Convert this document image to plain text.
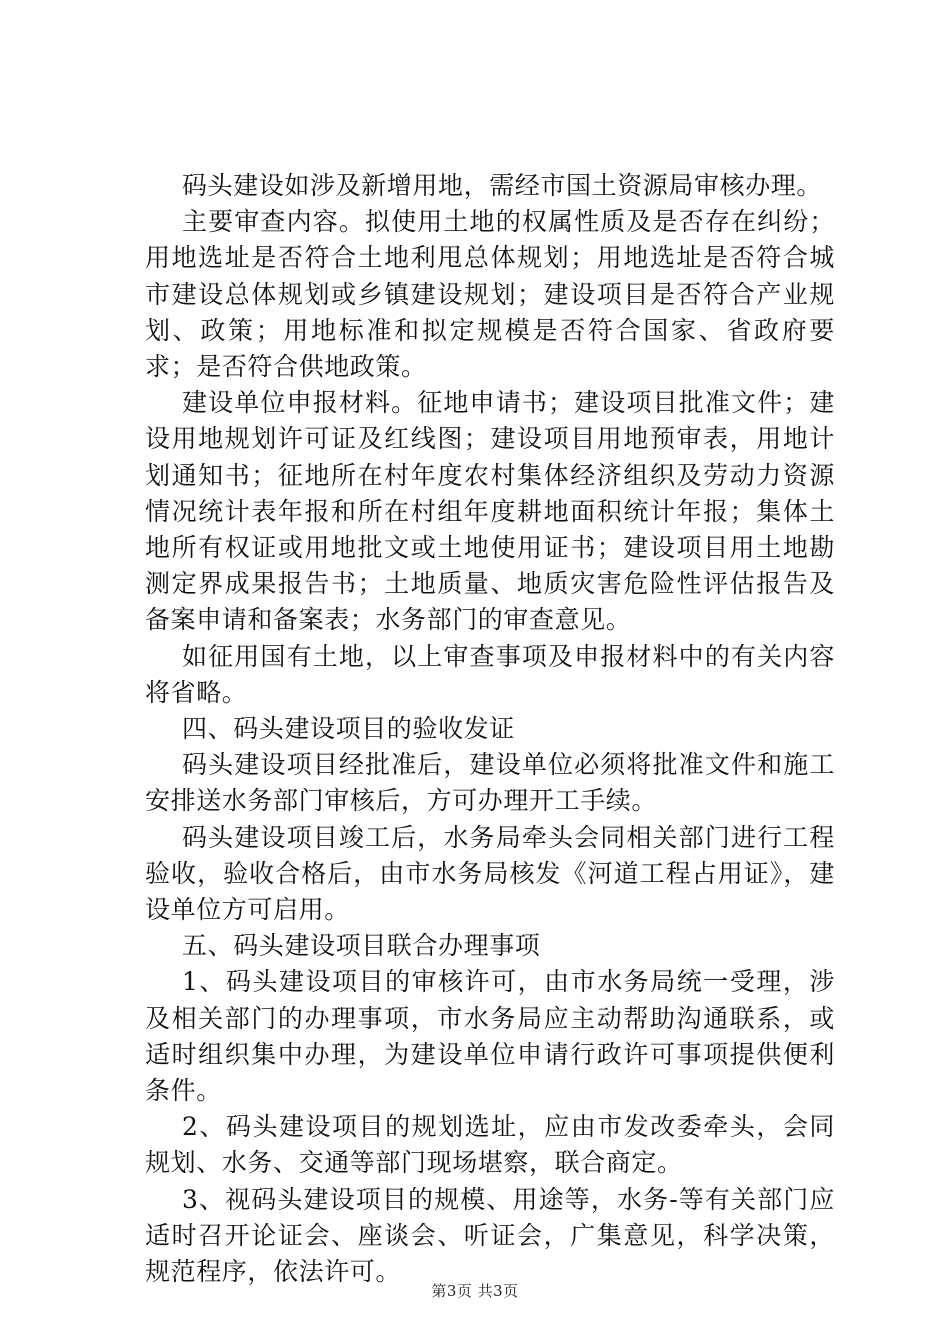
码头建设如涉及新增用地，需经市国土资源局审核办理。

主要审查内容。拟使用土地的权属性质及是否存在纠纷；用地选址是否符合土地利甩总体规划；用地选址是否符合城市建设总体规划或乡镇建设规划；建设项目是否符合产业规划、政策；用地标准和拟定规模是否符合国家、省政府要求；是否符合供地政策。

建设单位申报材料。征地申请书；建设项目批准文件；建设用地规划许可证及红线图；建设项目用地预审表，用地计划通知书；征地所在村年度农村集体经济组织及劳动力资源情况统计表年报和所在村组年度耕地面积统计年报；集体土地所有权证或用地批文或土地使用证书；建设项目用土地勘测定界成果报告书；土地质量、地质灾害危险性评估报告及备案申请和备案表；水务部门的审查意见。

如征用国有土地，以上审查事项及申报材料中的有关内容将省略。

四、码头建设项目的验收发证

码头建设项目经批准后，建设单位必须将批准文件和施工安排送水务部门审核后，方可办理开工手续。

码头建设项目竣工后，水务局牵头会同相关部门进行工程验收，验收合格后，由市水务局核发《河道工程占用证》，建设单位方可启用。

五、码头建设项目联合办理事项

1、码头建设项目的审核许可，由市水务局统一受理，涉及相关部门的办理事项，市水务局应主动帮助沟通联系，或适时组织集中办理，为建设单位申请行政许可事项提供便利条件。

2、码头建设项目的规划选址，应由市发改委牵头，会同规划、水务、交通等部门现场堪察，联合商定。

3、视码头建设项目的规模、用途等，水务-等有关部门应适时召开论证会、座谈会、听证会，广集意见，科学决策，规范程序，依法许可。

第3页 共3页
